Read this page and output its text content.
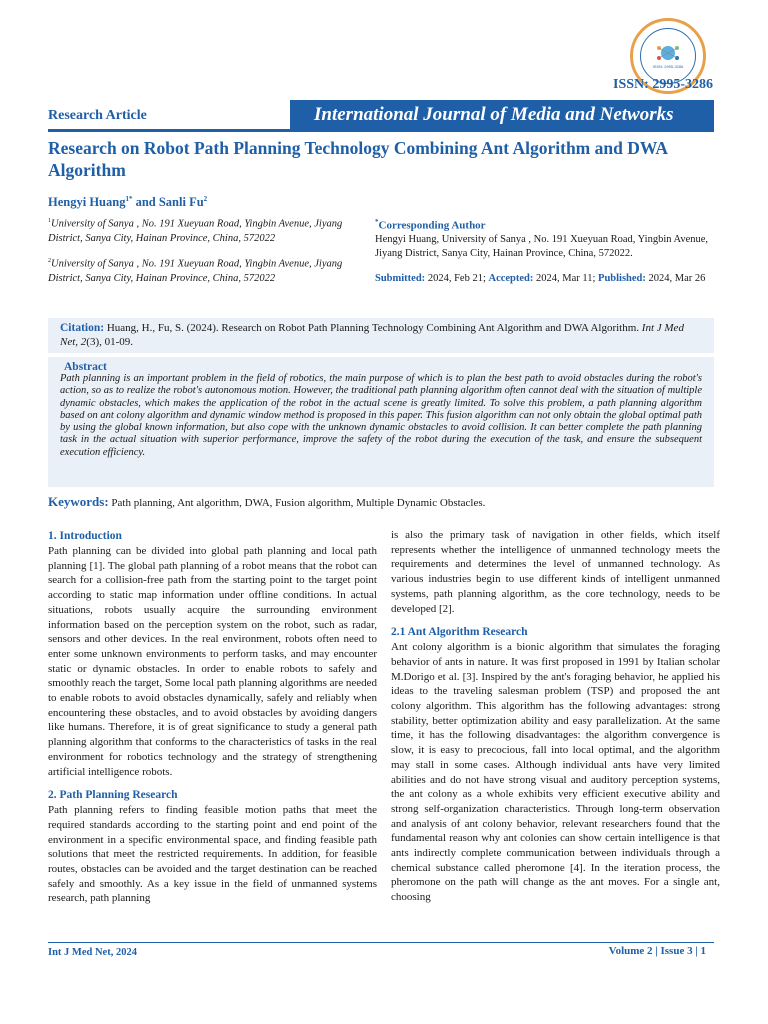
ISSN: 2995-3286
ISSN: 2995-3286
Research Article	International Journal of Media and Networks
Research on Robot Path Planning Technology Combining Ant Algorithm and DWA Algorithm
Hengyi Huang$^{1*}$ and Sanli Fu$^2$
$^1$University of Sanya , No. 191 Xueyuan Road, Yingbin Avenue, Jiyang District, Sanya City, Hainan Province, China, 572022
$^2$University of Sanya , No. 191 Xueyuan Road, Yingbin Avenue, Jiyang District, Sanya City, Hainan Province, China, 572022
*Corresponding Author
Hengyi Huang, University of Sanya , No. 191 Xueyuan Road, Yingbin Avenue, Jiyang District, Sanya City, Hainan Province, China, 572022.
Submitted: 2024, Feb 21; Accepted: 2024, Mar 11; Published: 2024, Mar 26
Citation: Huang, H., Fu, S. (2024). Research on Robot Path Planning Technology Combining Ant Algorithm and DWA Algorithm. Int J Med Net, 2(3), 01-09.
Abstract
Path planning is an important problem in the field of robotics, the main purpose of which is to plan the best path to avoid obstacles during the robot's action, so as to realize the robot's autonomous motion. However, the traditional path planning algorithm often cannot deal with the situation of multiple dynamic obstacles, which makes the application of the robot in the actual scene is greatly limited. To solve this problem, a path planning algorithm based on ant colony algorithm and dynamic window method is proposed in this paper. This fusion algorithm can not only obtain the global optimal path by using the global known information, but also cope with the unknown dynamic obstacles to avoid collision. It can better complete the path planning task in the actual situation with superior performance, improve the safety of the robot during the execution of the task, and ensure the subsequent execution efficiency.
Keywords: Path planning, Ant algorithm, DWA, Fusion algorithm, Multiple Dynamic Obstacles.
1. Introduction

Path planning can be divided into global path planning and local path planning [1]. The global path planning of a robot means that the robot can search for a collision-free path from the starting point to the target point according to static map information under offline conditions. In actual situations, robots usually acquire the surrounding environment information based on the perception system on the robot, such as radar, sensors and other devices. In the real environment, robots often need to enter some unknown environments to perform tasks, and may encounter static or dynamic obstacles. In order to enable robots to safely and smoothly reach the target, Some local path planning algorithms are needed to enable robots to avoid obstacles dynamically, safely and reliably when encountering these obstacles, and to avoid obstacles by avoiding dangers like humans. Therefore, it is of great significance to study a general path planning algorithm that conforms to the characteristics of tasks in the real environment for robotics technology and the strategy of strengthening artificial intelligence robots.

2. Path Planning Research

Path planning refers to finding feasible motion paths that meet the required standards according to the starting point and end point of the environment in a specific environmental space, and finding feasible path solutions that meet the restricted requirements. In addition, for feasible routes, obstacles can be avoided and the target destination can be reached safely and smoothly. As a key issue in the field of unmanned systems research, path planning

is also the primary task of navigation in other fields, which itself represents whether the intelligence of unmanned technology meets the requirements and determines the level of unmanned technology. As various industries begin to use different kinds of intelligent unmanned systems, path planning algorithm, as the core technology, needs to be developed [2].

2.1 Ant Algorithm Research

Ant colony algorithm is a bionic algorithm that simulates the foraging behavior of ants in nature. It was first proposed in 1991 by Italian scholar M.Dorigo et al. [3]. Inspired by the ant's foraging behavior, he applied his ideas to the traveling salesman problem (TSP) and proposed the ant colony algorithm. This algorithm has the following advantages: strong stability, better optimization ability and easy parallelization. At the same time, it has the following disadvantages: the algorithm convergence is slow, it is easy to precocious, fall into local optimal, and the algorithm may stall in some cases. Although individual ants have very limited abilities and do not have strong visual and auditory perception systems, the ant colony as a whole exhibits very efficient executive ability and strong self-organization characteristics. Through long-term observation and analysis of ant colony behavior, relevant researchers found that the fundamental reason why ant colonies can show certain intelligence is that ants indirectly complete communication between individuals through a chemical substance called pheromone [4]. In the iteration process, the pheromone on the path will change as the ant moves. For a single ant, choosing

Int J Med Net, 2024	Volume 2 | Issue 3 | 1
